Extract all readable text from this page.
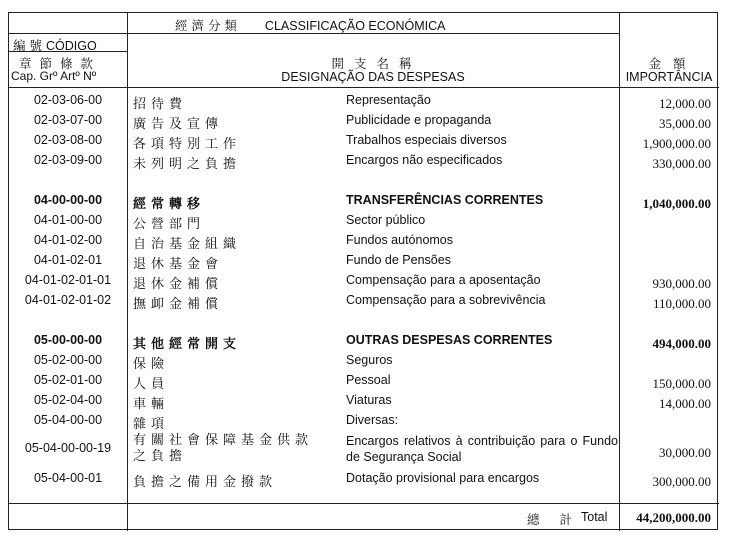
經 濟 分 類 CLASSIFICAÇÃO ECONÓMICA
編 號 CÓDIGO
章 節 條 款
Cap. Grº Artº Nº
開 支 名 稱
DESIGNAÇÃO DAS DESPESAS
金 額
IMPORTÂNCIA
02-03-06-00	招待費	Representação	12,000.00
02-03-07-00	廣告及宣傳	Publicidade e propaganda	35,000.00
02-03-08-00	各項特別工作	Trabalhos especiais diversos	1,900,000.00
02-03-09-00	未列明之負擔	Encargos não especificados	330,000.00
04-00-00-00	經常轉移	TRANSFERÊNCIAS CORRENTES	1,040,000.00
04-01-00-00	公營部門	Sector público
04-01-02-00	自治基金組織	Fundos autónomos
04-01-02-01	退休基金會	Fundo de Pensões
04-01-02-01-01	退休金補償	Compensação para a aposentação	930,000.00
04-01-02-01-02	撫卹金補償	Compensação para a sobrevivência	110,000.00
05-00-00-00	其他經常開支	OUTRAS DESPESAS CORRENTES	494,000.00
05-02-00-00	保險	Seguros
05-02-01-00	人員	Pessoal	150,000.00
05-02-04-00	車輛	Viaturas	14,000.00
05-04-00-00	雜項	Diversas:
05-04-00-00-19	有關社會保障基金供款之負擔
Encargos relativos à contribuição para o Fundo de Segurança Social	30,000.00
05-04-00-01	負擔之備用金撥款	Dotação provisional para encargos	300,000.00
總 計 Total 44,200,000.00
